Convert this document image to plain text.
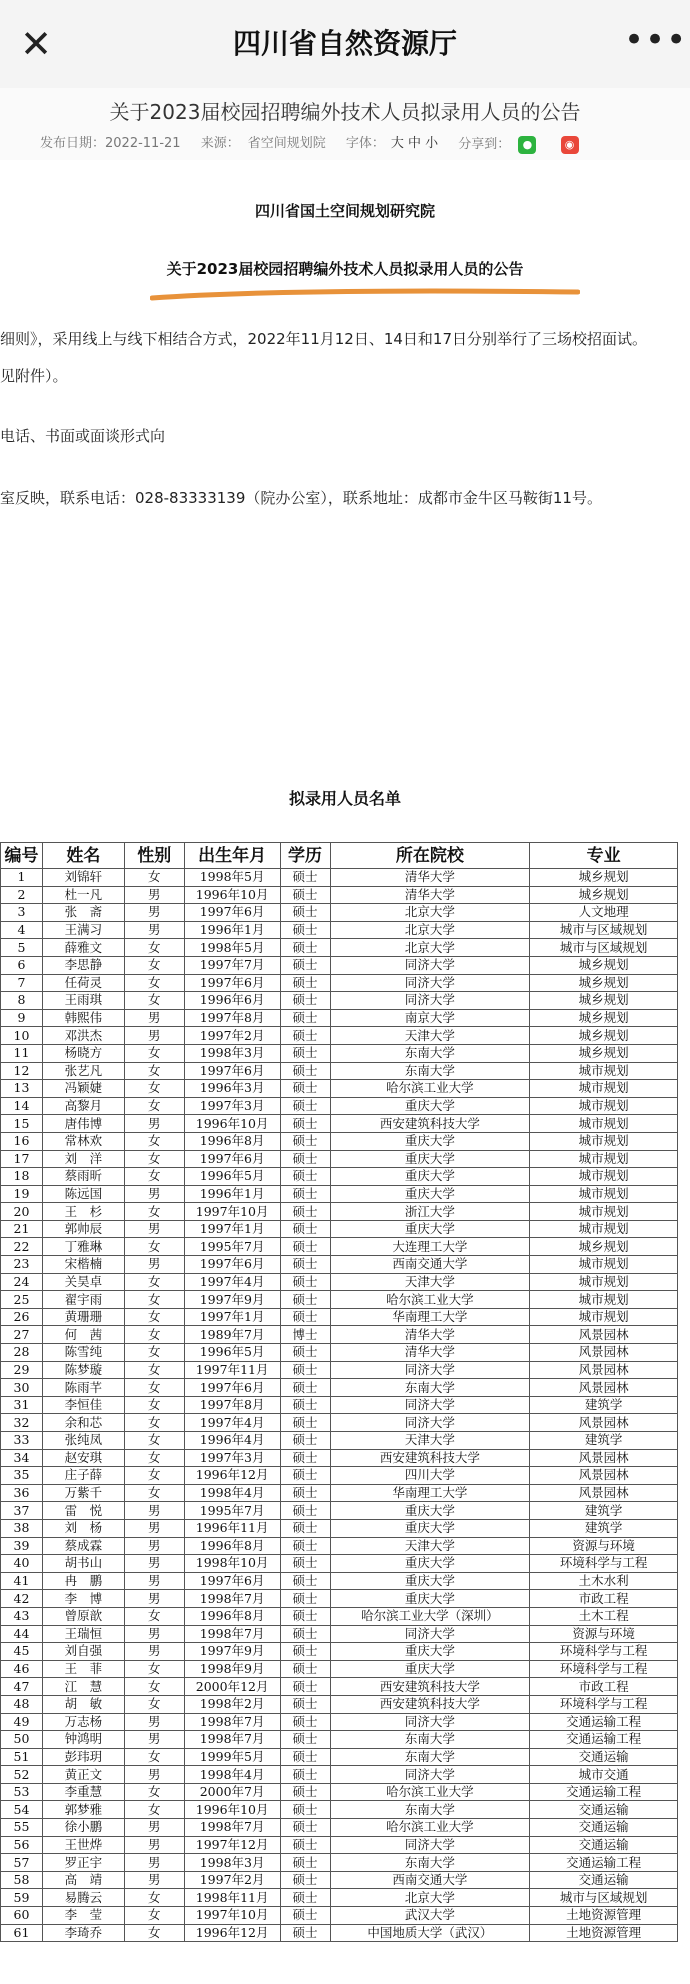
✕	四川省自然资源厅	•••
关于2023届校园招聘编外技术人员拟录用人员的公告
发布日期：2022-11-21 来源： 省空间规划院 字体： 大 中 小 分享到： ●	◉
四川省国土空间规划研究院
关于2023届校园招聘编外技术人员拟录用人员的公告
细则》，采用线上与线下相结合方式，2022年11月12日、14日和17日分别举行了三场校招面试。
见附件）。
电话、书面或面谈形式向
室反映，联系电话：028-83333139（院办公室），联系地址：成都市金牛区马鞍街11号。
拟录用人员名单
编号	姓名	性别	出生年月	学历	所在院校	专业
1	刘锦轩	女	1998年5月	硕士	清华大学	城乡规划
2	杜一凡	男	1996年10月	硕士	清华大学	城乡规划
3	张　斋	男	1997年6月	硕士	北京大学	人文地理
4	王满习	男	1996年1月	硕士	北京大学	城市与区域规划
5	薛雅文	女	1998年5月	硕士	北京大学	城市与区域规划
6	李思静	女	1997年7月	硕士	同济大学	城乡规划
7	任荷灵	女	1997年6月	硕士	同济大学	城乡规划
8	王雨琪	女	1996年6月	硕士	同济大学	城乡规划
9	韩熙伟	男	1997年8月	硕士	南京大学	城乡规划
10	邓洪杰	男	1997年2月	硕士	天津大学	城乡规划
11	杨晓方	女	1998年3月	硕士	东南大学	城乡规划
12	张艺凡	女	1997年6月	硕士	东南大学	城市规划
13	冯颖婕	女	1996年3月	硕士	哈尔滨工业大学	城市规划
14	高黎月	女	1997年3月	硕士	重庆大学	城市规划
15	唐伟博	男	1996年10月	硕士	西安建筑科技大学	城市规划
16	常林欢	女	1996年8月	硕士	重庆大学	城市规划
17	刘　洋	女	1997年6月	硕士	重庆大学	城市规划
18	蔡雨昕	女	1996年5月	硕士	重庆大学	城市规划
19	陈远国	男	1996年1月	硕士	重庆大学	城市规划
20	王　杉	女	1997年10月	硕士	浙江大学	城市规划
21	郭帅辰	男	1997年1月	硕士	重庆大学	城市规划
22	丁雅琳	女	1995年7月	硕士	大连理工大学	城乡规划
23	宋楷楠	男	1997年6月	硕士	西南交通大学	城市规划
24	关昊卓	女	1997年4月	硕士	天津大学	城市规划
25	翟宇雨	女	1997年9月	硕士	哈尔滨工业大学	城市规划
26	黄珊珊	女	1997年1月	硕士	华南理工大学	城市规划
27	何　茜	女	1989年7月	博士	清华大学	风景园林
28	陈雪纯	女	1996年5月	硕士	清华大学	风景园林
29	陈梦璇	女	1997年11月	硕士	同济大学	风景园林
30	陈雨芊	女	1997年6月	硕士	东南大学	风景园林
31	李恒佳	女	1997年8月	硕士	同济大学	建筑学
32	余和芯	女	1997年4月	硕士	同济大学	风景园林
33	张纯凤	女	1996年4月	硕士	天津大学	建筑学
34	赵安琪	女	1997年3月	硕士	西安建筑科技大学	风景园林
35	庄子薛	女	1996年12月	硕士	四川大学	风景园林
36	万紫千	女	1998年4月	硕士	华南理工大学	风景园林
37	雷　悦	男	1995年7月	硕士	重庆大学	建筑学
38	刘　杨	男	1996年11月	硕士	重庆大学	建筑学
39	蔡成霖	男	1996年8月	硕士	天津大学	资源与环境
40	胡书山	男	1998年10月	硕士	重庆大学	环境科学与工程
41	冉　鹏	男	1997年6月	硕士	重庆大学	土木水利
42	李　博	男	1998年7月	硕士	重庆大学	市政工程
43	曾原歆	女	1996年8月	硕士	哈尔滨工业大学（深圳）	土木工程
44	王瑞恒	男	1998年7月	硕士	同济大学	资源与环境
45	刘自强	男	1997年9月	硕士	重庆大学	环境科学与工程
46	王　菲	女	1998年9月	硕士	重庆大学	环境科学与工程
47	江　慧	女	2000年12月	硕士	西安建筑科技大学	市政工程
48	胡　敏	女	1998年2月	硕士	西安建筑科技大学	环境科学与工程
49	万志杨	男	1998年7月	硕士	同济大学	交通运输工程
50	钟鸿明	男	1998年7月	硕士	东南大学	交通运输工程
51	彭玮玥	女	1999年5月	硕士	东南大学	交通运输
52	黄正文	男	1998年4月	硕士	同济大学	城市交通
53	李重慧	女	2000年7月	硕士	哈尔滨工业大学	交通运输工程
54	郭梦雅	女	1996年10月	硕士	东南大学	交通运输
55	徐小鹏	男	1998年7月	硕士	哈尔滨工业大学	交通运输
56	王世烨	男	1997年12月	硕士	同济大学	交通运输
57	罗正宇	男	1998年3月	硕士	东南大学	交通运输工程
58	高　靖	男	1997年2月	硕士	西南交通大学	交通运输
59	易腾云	女	1998年11月	硕士	北京大学	城市与区域规划
60	李　莹	女	1997年10月	硕士	武汉大学	土地资源管理
61	李琦乔	女	1996年12月	硕士	中国地质大学（武汉）	土地资源管理
